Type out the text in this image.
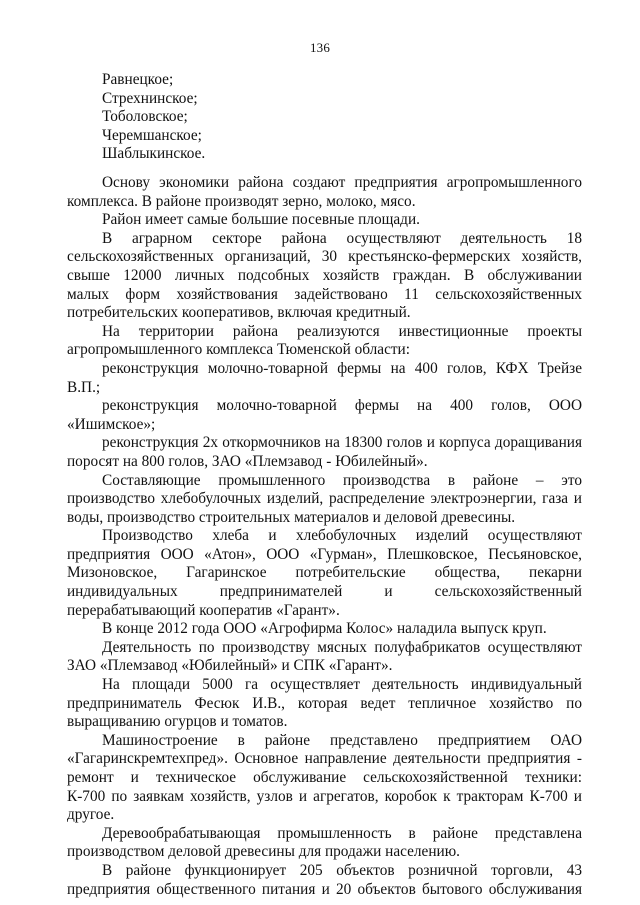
136
Равнецкое;
Стрехнинское;
Тоболовское;
Черемшанское;
Шаблыкинское.
Основу экономики района создают предприятия агропромышленного
комплекса. В районе производят зерно, молоко, мясо.
Район имеет самые большие посевные площади.
В аграрном секторе района осуществляют деятельность 18
сельскохозяйственных организаций, 30 крестьянско-фермерских хозяйств,
свыше 12000 личных подсобных хозяйств граждан. В обслуживании
малых форм хозяйствования задействовано 11 сельскохозяйственных
потребительских кооперативов, включая кредитный.
На территории района реализуются инвестиционные проекты
агропромышленного комплекса Тюменской области:
реконструкция молочно-товарной фермы на 400 голов, КФХ Трейзе
В.П.;
реконструкция молочно-товарной фермы на 400 голов, ООО
«Ишимское»;
реконструкция 2х откормочников на 18300 голов и корпуса доращивания
поросят на 800 голов, ЗАО «Племзавод - Юбилейный».
Составляющие промышленного производства в районе – это
производство хлебобулочных изделий, распределение электроэнергии, газа и
воды, производство строительных материалов и деловой древесины.
Производство хлеба и хлебобулочных изделий осуществляют
предприятия ООО «Атон», ООО «Гурман», Плешковское, Песьяновское,
Мизоновское, Гагаринское потребительские общества, пекарни
индивидуальных предпринимателей и сельскохозяйственный
перерабатывающий кооператив «Гарант».
В конце 2012 года ООО «Агрофирма Колос» наладила выпуск круп.
Деятельность по производству мясных полуфабрикатов осуществляют
ЗАО «Племзавод «Юбилейный» и СПК «Гарант».
На площади 5000 га осуществляет деятельность индивидуальный
предприниматель Фесюк И.В., которая ведет тепличное хозяйство по
выращиванию огурцов и томатов.
Машиностроение в районе представлено предприятием ОАО
«Гагаринскремтехпред». Основное направление деятельности предприятия -
ремонт и техническое обслуживание сельскохозяйственной техники:
К-700 по заявкам хозяйств, узлов и агрегатов, коробок к тракторам К-700 и
другое.
Деревообрабатывающая промышленность в районе представлена
производством деловой древесины для продажи населению.
В районе функционирует 205 объектов розничной торговли, 43
предприятия общественного питания и 20 объектов бытового обслуживания
